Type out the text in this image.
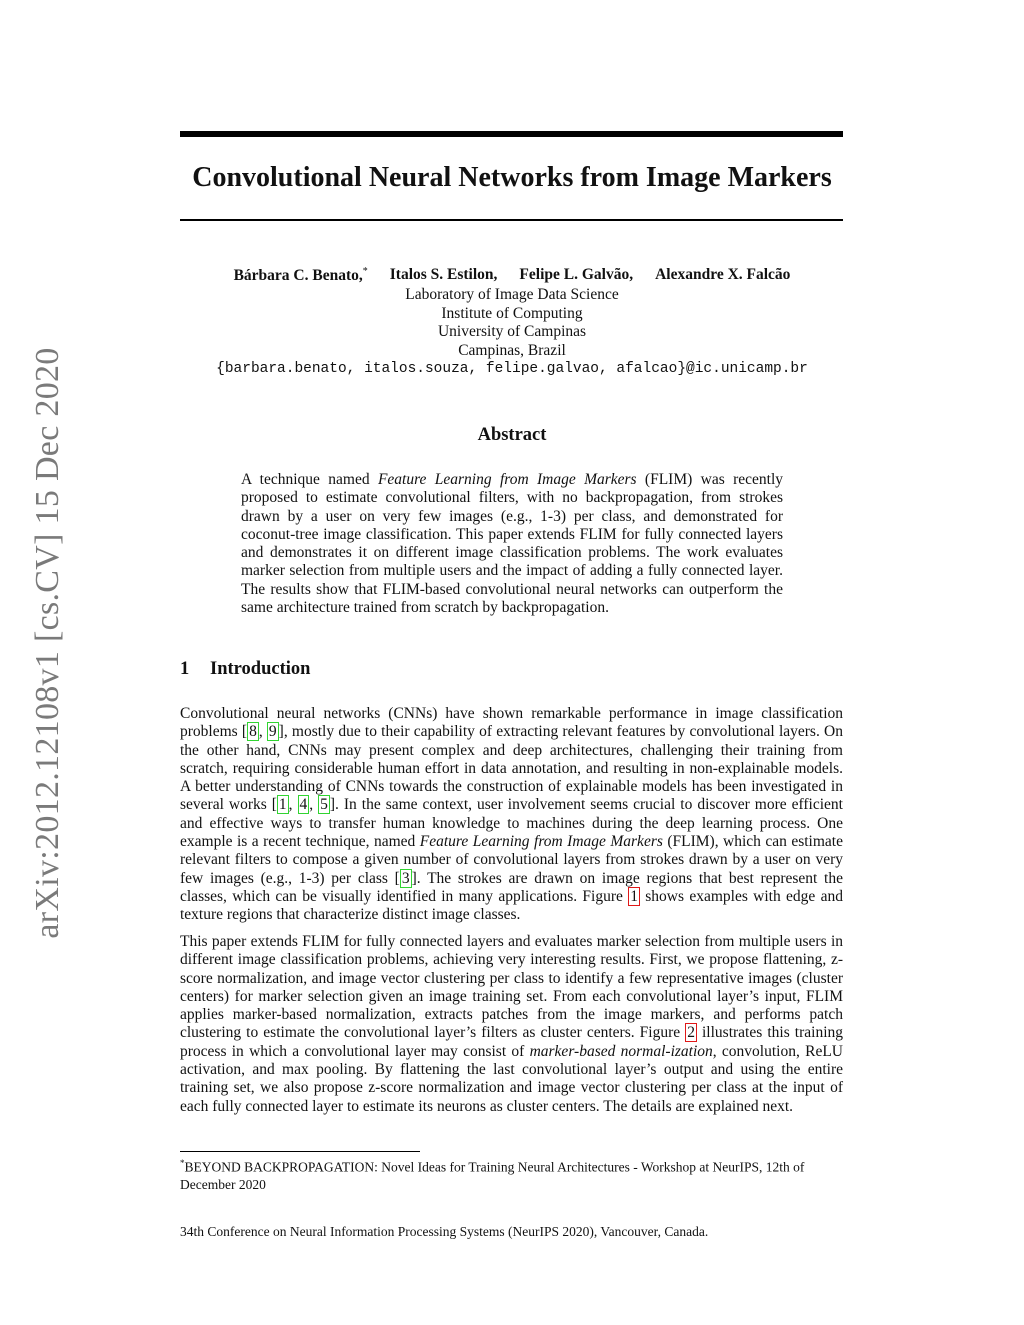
arXiv:2012.12108v1 [cs.CV] 15 Dec 2020
Convolutional Neural Networks from Image Markers
Bárbara C. Benato,* Italos S. Estilon, Felipe L. Galvão, Alexandre X. Falcão
Laboratory of Image Data Science
Institute of Computing
University of Campinas
Campinas, Brazil
{barbara.benato, italos.souza, felipe.galvao, afalcao}@ic.unicamp.br
Abstract

A technique named Feature Learning from Image Markers (FLIM) was recently proposed to estimate convolutional filters, with no backpropagation, from strokes drawn by a user on very few images (e.g., 1-3) per class, and demonstrated for coconut-tree image classification. This paper extends FLIM for fully connected layers and demonstrates it on different image classification problems. The work evaluates marker selection from multiple users and the impact of adding a fully connected layer. The results show that FLIM-based convolutional neural networks can outperform the same architecture trained from scratch by backpropagation.

1 Introduction

Convolutional neural networks (CNNs) have shown remarkable performance in image classification problems [ 8 , 9 ], mostly due to their capability of extracting relevant features by convolutional layers. On the other hand, CNNs may present complex and deep architectures, challenging their training from scratch, requiring considerable human effort in data annotation, and resulting in non-explainable models. A better understanding of CNNs towards the construction of explainable models has been investigated in several works [ 1 , 4 , 5 ]. In the same context, user involvement seems crucial to discover more efficient and effective ways to transfer human knowledge to machines during the deep learning process. One example is a recent technique, named Feature Learning from Image Markers (FLIM), which can estimate relevant filters to compose a given number of convolutional layers from strokes drawn by a user on very few images (e.g., 1-3) per class [ 3 ]. The strokes are drawn on image regions that best represent the classes, which can be visually identified in many applications. Figure 1 shows examples with edge and texture regions that characterize distinct image classes.

This paper extends FLIM for fully connected layers and evaluates marker selection from multiple users in different image classification problems, achieving very interesting results. First, we propose flattening, z-score normalization, and image vector clustering per class to identify a few representative images (cluster centers) for marker selection given an image training set. From each convolutional layer’s input, FLIM applies marker-based normalization, extracts patches from the image markers, and performs patch clustering to estimate the convolutional layer’s filters as cluster centers. Figure 2 illustrates this training process in which a convolutional layer may consist of marker-based normal-ization, convolution, ReLU activation, and max pooling. By flattening the last convolutional layer’s output and using the entire training set, we also propose z-score normalization and image vector clustering per class at the input of each fully connected layer to estimate its neurons as cluster centers. The details are explained next.

*BEYOND BACKPROPAGATION: Novel Ideas for Training Neural Architectures - Workshop at NeurIPS, 12th of December 2020

34th Conference on Neural Information Processing Systems (NeurIPS 2020), Vancouver, Canada.
